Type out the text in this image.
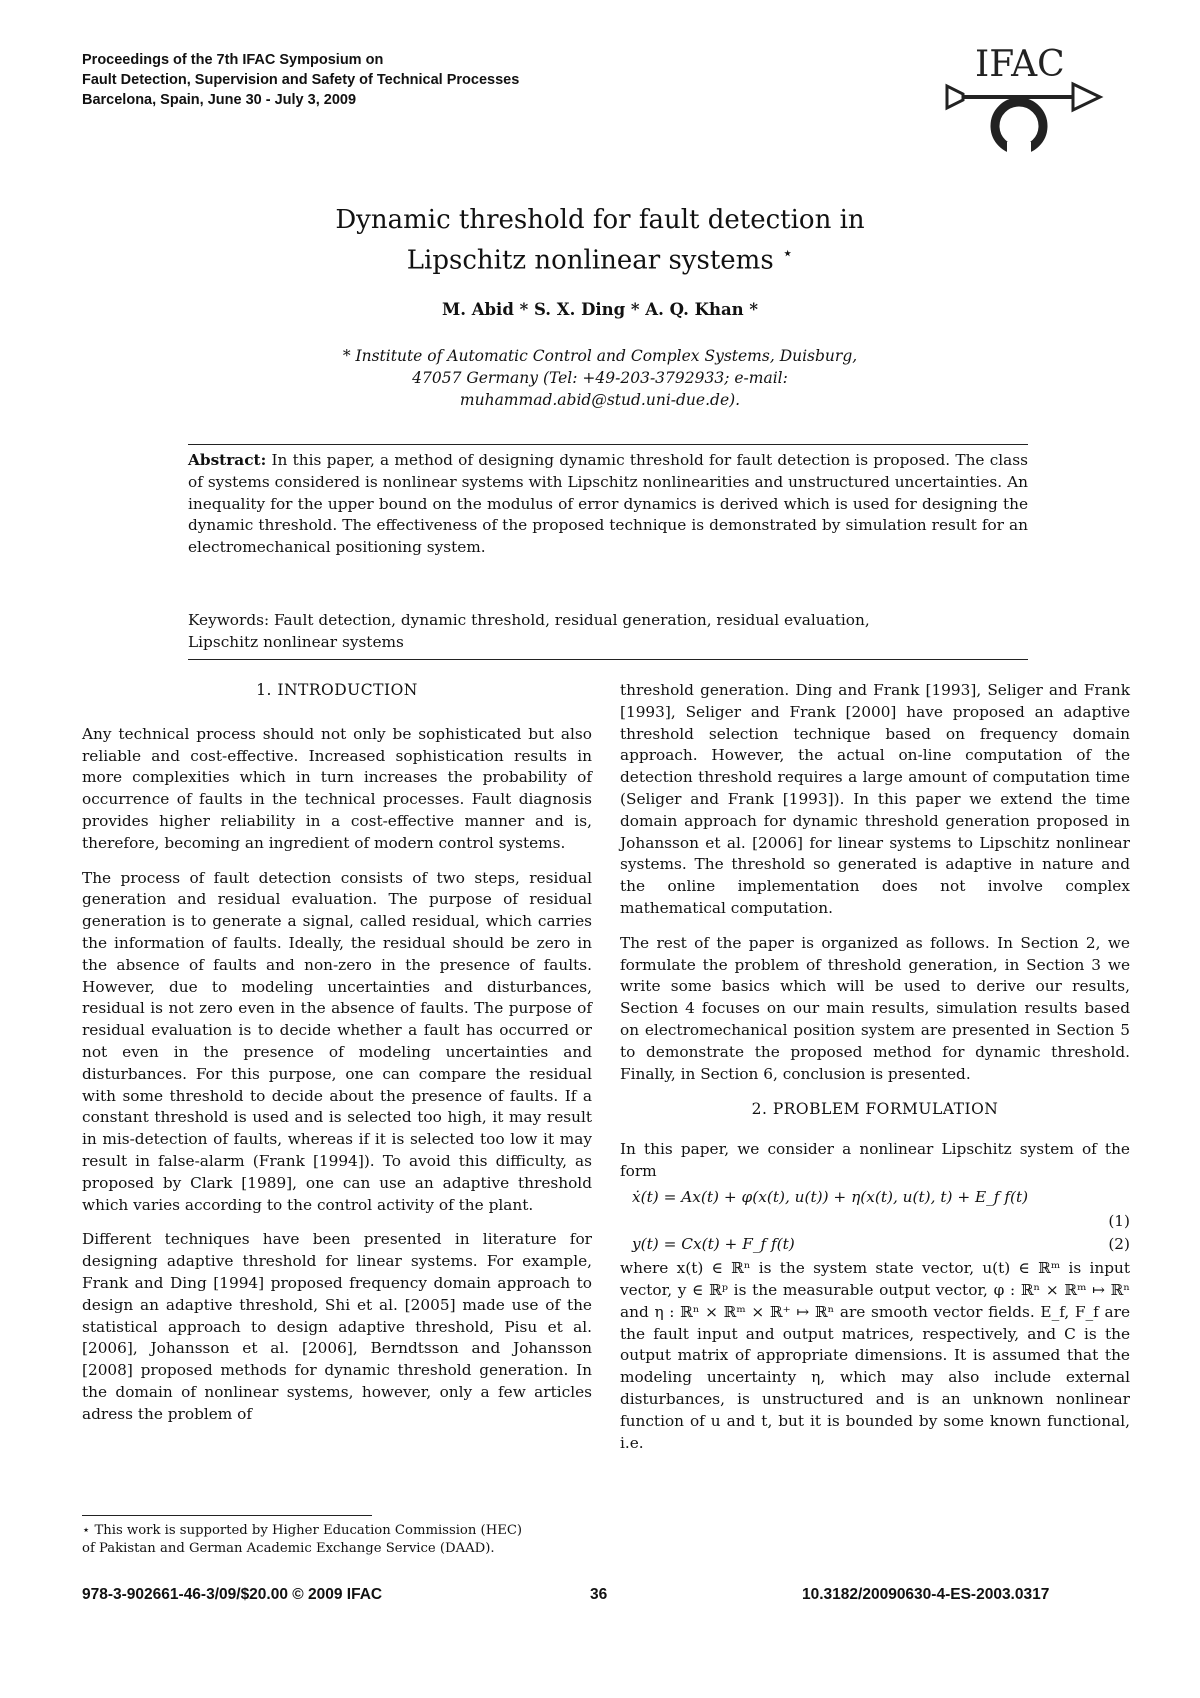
Proceedings of the 7th IFAC Symposium on
Fault Detection, Supervision and Safety of Technical Processes
Barcelona, Spain, June 30 - July 3, 2009
IFAC
Dynamic threshold for fault detection in
Lipschitz nonlinear systems ⋆
M. Abid * S. X. Ding * A. Q. Khan *
* Institute of Automatic Control and Complex Systems, Duisburg,
47057 Germany (Tel: +49-203-3792933; e-mail:
muhammad.abid@stud.uni-due.de).
Abstract: In this paper, a method of designing dynamic threshold for fault detection is proposed. The class of systems considered is nonlinear systems with Lipschitz nonlinearities and unstructured uncertainties. An inequality for the upper bound on the modulus of error dynamics is derived which is used for designing the dynamic threshold. The effectiveness of the proposed technique is demonstrated by simulation result for an electromechanical positioning system.
Keywords: Fault detection, dynamic threshold, residual generation, residual evaluation,
Lipschitz nonlinear systems
1. INTRODUCTION

Any technical process should not only be sophisticated but also reliable and cost-effective. Increased sophistication results in more complexities which in turn increases the probability of occurrence of faults in the technical processes. Fault diagnosis provides higher reliability in a cost-effective manner and is, therefore, becoming an ingredient of modern control systems.

The process of fault detection consists of two steps, residual generation and residual evaluation. The purpose of residual generation is to generate a signal, called residual, which carries the information of faults. Ideally, the residual should be zero in the absence of faults and non-zero in the presence of faults. However, due to modeling uncertainties and disturbances, residual is not zero even in the absence of faults. The purpose of residual evaluation is to decide whether a fault has occurred or not even in the presence of modeling uncertainties and disturbances. For this purpose, one can compare the residual with some threshold to decide about the presence of faults. If a constant threshold is used and is selected too high, it may result in mis-detection of faults, whereas if it is selected too low it may result in false-alarm (Frank [1994]). To avoid this difficulty, as proposed by Clark [1989], one can use an adaptive threshold which varies according to the control activity of the plant.

Different techniques have been presented in literature for designing adaptive threshold for linear systems. For example, Frank and Ding [1994] proposed frequency domain approach to design an adaptive threshold, Shi et al. [2005] made use of the statistical approach to design adaptive threshold, Pisu et al. [2006], Johansson et al. [2006], Berndtsson and Johansson [2008] proposed methods for dynamic threshold generation. In the domain of nonlinear systems, however, only a few articles adress the problem of

threshold generation. Ding and Frank [1993], Seliger and Frank [1993], Seliger and Frank [2000] have proposed an adaptive threshold selection technique based on frequency domain approach. However, the actual on-line computation of the detection threshold requires a large amount of computation time (Seliger and Frank [1993]). In this paper we extend the time domain approach for dynamic threshold generation proposed in Johansson et al. [2006] for linear systems to Lipschitz nonlinear systems. The threshold so generated is adaptive in nature and the online implementation does not involve complex mathematical computation.

The rest of the paper is organized as follows. In Section 2, we formulate the problem of threshold generation, in Section 3 we write some basics which will be used to derive our results, Section 4 focuses on our main results, simulation results based on electromechanical position system are presented in Section 5 to demonstrate the proposed method for dynamic threshold. Finally, in Section 6, conclusion is presented.

2. PROBLEM FORMULATION

In this paper, we consider a nonlinear Lipschitz system of the form

ẋ(t) = Ax(t) + φ(x(t), u(t)) + η(x(t), u(t), t) + E_f f(t)
(1)
y(t) = Cx(t) + F_f f(t)	(2)

where x(t) ∈ ℝⁿ is the system state vector, u(t) ∈ ℝᵐ is input vector, y ∈ ℝᵖ is the measurable output vector, φ : ℝⁿ × ℝᵐ ↦ ℝⁿ and η : ℝⁿ × ℝᵐ × ℝ⁺ ↦ ℝⁿ are smooth vector fields. E_f, F_f are the fault input and output matrices, respectively, and C is the output matrix of appropriate dimensions. It is assumed that the modeling uncertainty η, which may also include external disturbances, is unstructured and is an unknown nonlinear function of u and t, but it is bounded by some known functional, i.e.

⋆ This work is supported by Higher Education Commission (HEC)
of Pakistan and German Academic Exchange Service (DAAD).
978-3-902661-46-3/09/$20.00 © 2009 IFAC	36	10.3182/20090630-4-ES-2003.0317
